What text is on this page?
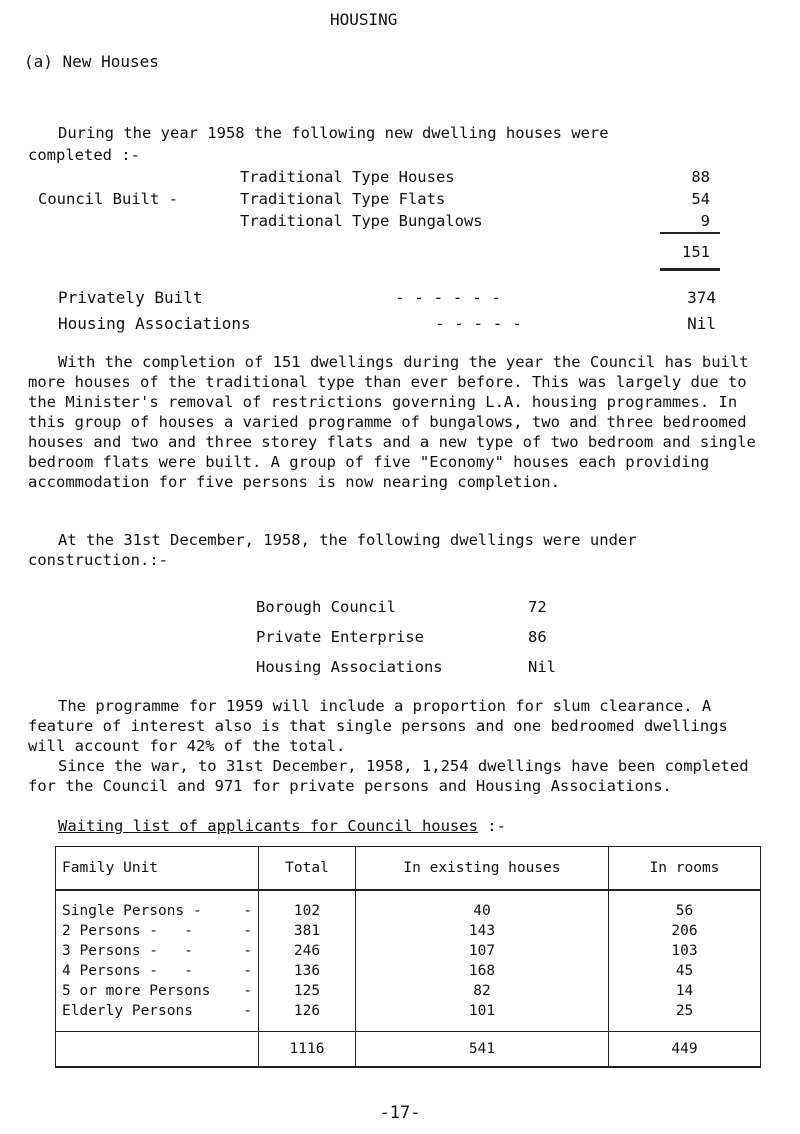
HOUSING
(a) New Houses
During the year 1958 the following new dwelling houses were
completed :-
Council Built -
Traditional Type Houses	88
Traditional Type Flats	54
Traditional Type Bungalows	9
151
Privately Built	- - - - - -	374
Housing Associations	- - - - -	Nil
With the completion of 151 dwellings during the year the Council has built more houses of the traditional type than ever before. This was largely due to the Minister's removal of restrictions governing L.A. housing programmes. In this group of houses a varied programme of bungalows, two and three bedroomed houses and two and three storey flats and a new type of two bedroom and single bedroom flats were built. A group of five "Economy" houses each providing accommodation for five persons is now nearing completion.
At the 31st December, 1958, the following dwellings were under construction.:-
Borough Council	72
Private Enterprise	86
Housing Associations	Nil
The programme for 1959 will include a proportion for slum clearance. A feature of interest also is that single persons and one bedroomed dwellings will account for 42% of the total.
Since the war, to 31st December, 1958, 1,254 dwellings have been completed for the Council and 971 for private persons and Housing Associations.
Waiting list of applicants for Council houses :-
Family Unit	Total	In existing houses	In rooms
Single Persons - -	102	40	56
2 Persons -   - -	381	143	206
3 Persons -   - -	246	107	103
4 Persons -   - -	136	168	45
5 or more Persons -	125	82	14
Elderly Persons -	126	101	25
	1116	541	449
-17-
